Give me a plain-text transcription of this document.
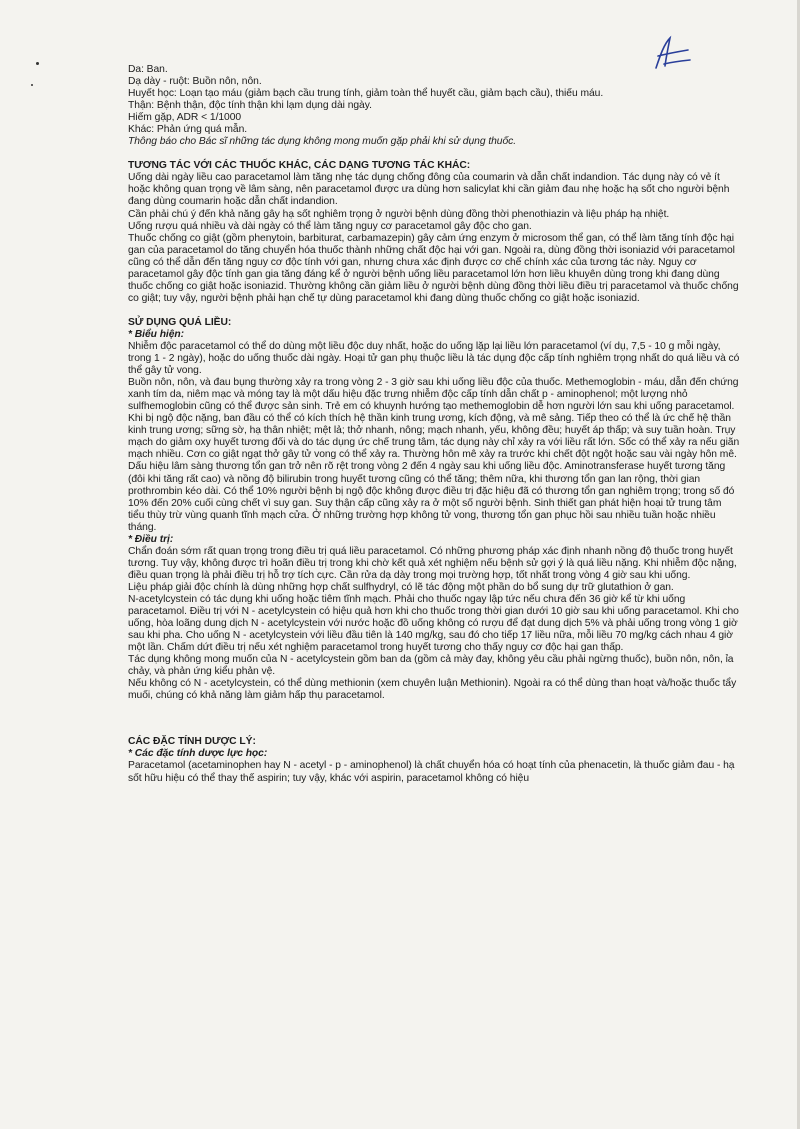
Da: Ban.

Dạ dày - ruột: Buồn nôn, nôn.

Huyết học: Loạn tạo máu (giảm bạch cầu trung tính, giảm toàn thể huyết cầu, giảm bạch cầu), thiếu máu.

Thận: Bệnh thận, độc tính thận khi lạm dụng dài ngày.

Hiếm gặp, ADR < 1/1000

Khác: Phản ứng quá mẫn.

Thông báo cho Bác sĩ những tác dụng không mong muốn gặp phải khi sử dụng thuốc.

TƯƠNG TÁC VỚI CÁC THUỐC KHÁC, CÁC DẠNG TƯƠNG TÁC KHÁC:

Uống dài ngày liều cao paracetamol làm tăng nhẹ tác dụng chống đông của coumarin và dẫn chất indandion. Tác dụng này có vẻ ít hoặc không quan trọng về lâm sàng, nên paracetamol được ưa dùng hơn salicylat khi cần giảm đau nhẹ hoặc hạ sốt cho người bệnh đang dùng coumarin hoặc dẫn chất indandion.

Cần phải chú ý đến khả năng gây hạ sốt nghiêm trọng ở người bệnh dùng đồng thời phenothiazin và liệu pháp hạ nhiệt.

Uống rượu quá nhiều và dài ngày có thể làm tăng nguy cơ paracetamol gây độc cho gan.

Thuốc chống co giật (gồm phenytoin, barbiturat, carbamazepin) gây cảm ứng enzym ở microsom thể gan, có thể làm tăng tính độc hại gan của paracetamol do tăng chuyển hóa thuốc thành những chất độc hại với gan. Ngoài ra, dùng đồng thời isoniazid với paracetamol cũng có thể dẫn đến tăng nguy cơ độc tính với gan, nhưng chưa xác định được cơ chế chính xác của tương tác này. Nguy cơ paracetamol gây độc tính gan gia tăng đáng kể ở người bệnh uống liều paracetamol lớn hơn liều khuyên dùng trong khi đang dùng thuốc chống co giật hoặc isoniazid. Thường không cần giảm liều ở người bệnh dùng đồng thời liều điều trị paracetamol và thuốc chống co giật; tuy vậy, người bệnh phải hạn chế tự dùng paracetamol khi đang dùng thuốc chống co giật hoặc isoniazid.

SỬ DỤNG QUÁ LIỀU:

* Biểu hiện:

Nhiễm độc paracetamol có thể do dùng một liều độc duy nhất, hoặc do uống lặp lại liều lớn paracetamol (ví dụ, 7,5 - 10 g mỗi ngày, trong 1 - 2 ngày), hoặc do uống thuốc dài ngày. Hoại tử gan phụ thuộc liều là tác dụng độc cấp tính nghiêm trọng nhất do quá liều và có thể gây tử vong.

Buồn nôn, nôn, và đau bụng thường xảy ra trong vòng 2 - 3 giờ sau khi uống liều độc của thuốc. Methemoglobin - máu, dẫn đến chứng xanh tím da, niêm mạc và móng tay là một dấu hiệu đặc trưng nhiễm độc cấp tính dẫn chất p - aminophenol; một lượng nhỏ sulfhemoglobin cũng có thể được sản sinh. Trẻ em có khuynh hướng tạo methemoglobin dễ hơn người lớn sau khi uống paracetamol.

Khi bị ngộ độc nặng, ban đầu có thể có kích thích hệ thần kinh trung ương, kích động, và mê sảng. Tiếp theo có thể là ức chế hệ thần kinh trung ương; sững sờ, hạ thân nhiệt; mệt lả; thở nhanh, nông; mạch nhanh, yếu, không đều; huyết áp thấp; và suy tuần hoàn. Trụy mạch do giảm oxy huyết tương đối và do tác dụng ức chế trung tâm, tác dụng này chỉ xảy ra với liều rất lớn. Sốc có thể xảy ra nếu giãn mạch nhiều. Cơn co giật ngạt thở gây tử vong có thể xảy ra. Thường hôn mê xảy ra trước khi chết đột ngột hoặc sau vài ngày hôn mê.

Dấu hiệu lâm sàng thương tổn gan trở nên rõ rệt trong vòng 2 đến 4 ngày sau khi uống liều độc. Aminotransferase huyết tương tăng (đôi khi tăng rất cao) và nồng độ bilirubin trong huyết tương cũng có thể tăng; thêm nữa, khi thương tổn gan lan rộng, thời gian prothrombin kéo dài. Có thể 10% người bệnh bị ngộ độc không được điều trị đặc hiệu đã có thương tổn gan nghiêm trọng; trong số đó 10% đến 20% cuối cùng chết vì suy gan. Suy thận cấp cũng xảy ra ở một số người bệnh. Sinh thiết gan phát hiện hoại tử trung tâm tiểu thùy trừ vùng quanh tĩnh mạch cửa. Ở những trường hợp không tử vong, thương tổn gan phục hồi sau nhiều tuần hoặc nhiều tháng.

* Điều trị:

Chẩn đoán sớm rất quan trọng trong điều trị quá liều paracetamol. Có những phương pháp xác định nhanh nồng độ thuốc trong huyết tương. Tuy vậy, không được trì hoãn điều trị trong khi chờ kết quả xét nghiệm nếu bệnh sử gợi ý là quá liều nặng. Khi nhiễm độc nặng, điều quan trọng là phải điều trị hỗ trợ tích cực. Cần rửa dạ dày trong mọi trường hợp, tốt nhất trong vòng 4 giờ sau khi uống.

Liệu pháp giải độc chính là dùng những hợp chất sulfhydryl, có lẽ tác động một phần do bổ sung dự trữ glutathion ở gan.

N-acetylcystein có tác dụng khi uống hoặc tiêm tĩnh mạch. Phải cho thuốc ngay lập tức nếu chưa đến 36 giờ kể từ khi uống paracetamol. Điều trị với N - acetylcystein có hiệu quả hơn khi cho thuốc trong thời gian dưới 10 giờ sau khi uống paracetamol. Khi cho uống, hòa loãng dung dịch N - acetylcystein với nước hoặc đồ uống không có rượu để đạt dung dịch 5% và phải uống trong vòng 1 giờ sau khi pha. Cho uống N - acetylcystein với liều đầu tiên là 140 mg/kg, sau đó cho tiếp 17 liều nữa, mỗi liều 70 mg/kg cách nhau 4 giờ một lần. Chấm dứt điều trị nếu xét nghiệm paracetamol trong huyết tương cho thấy nguy cơ độc hại gan thấp.

Tác dụng không mong muốn của N - acetylcystein gồm ban da (gồm cả mày đay, không yêu cầu phải ngừng thuốc), buồn nôn, nôn, ỉa chảy, và phản ứng kiểu phản vệ.

Nếu không có N - acetylcystein, có thể dùng methionin (xem chuyên luận Methionin). Ngoài ra có thể dùng than hoạt và/hoặc thuốc tẩy muối, chúng có khả năng làm giảm hấp thụ paracetamol.

CÁC ĐẶC TÍNH DƯỢC LÝ:

* Các đặc tính dược lực học:

Paracetamol (acetaminophen hay N - acetyl - p - aminophenol) là chất chuyển hóa có hoạt tính của phenacetin, là thuốc giảm đau - hạ sốt hữu hiệu có thể thay thế aspirin; tuy vậy, khác với aspirin, paracetamol không có hiệu
